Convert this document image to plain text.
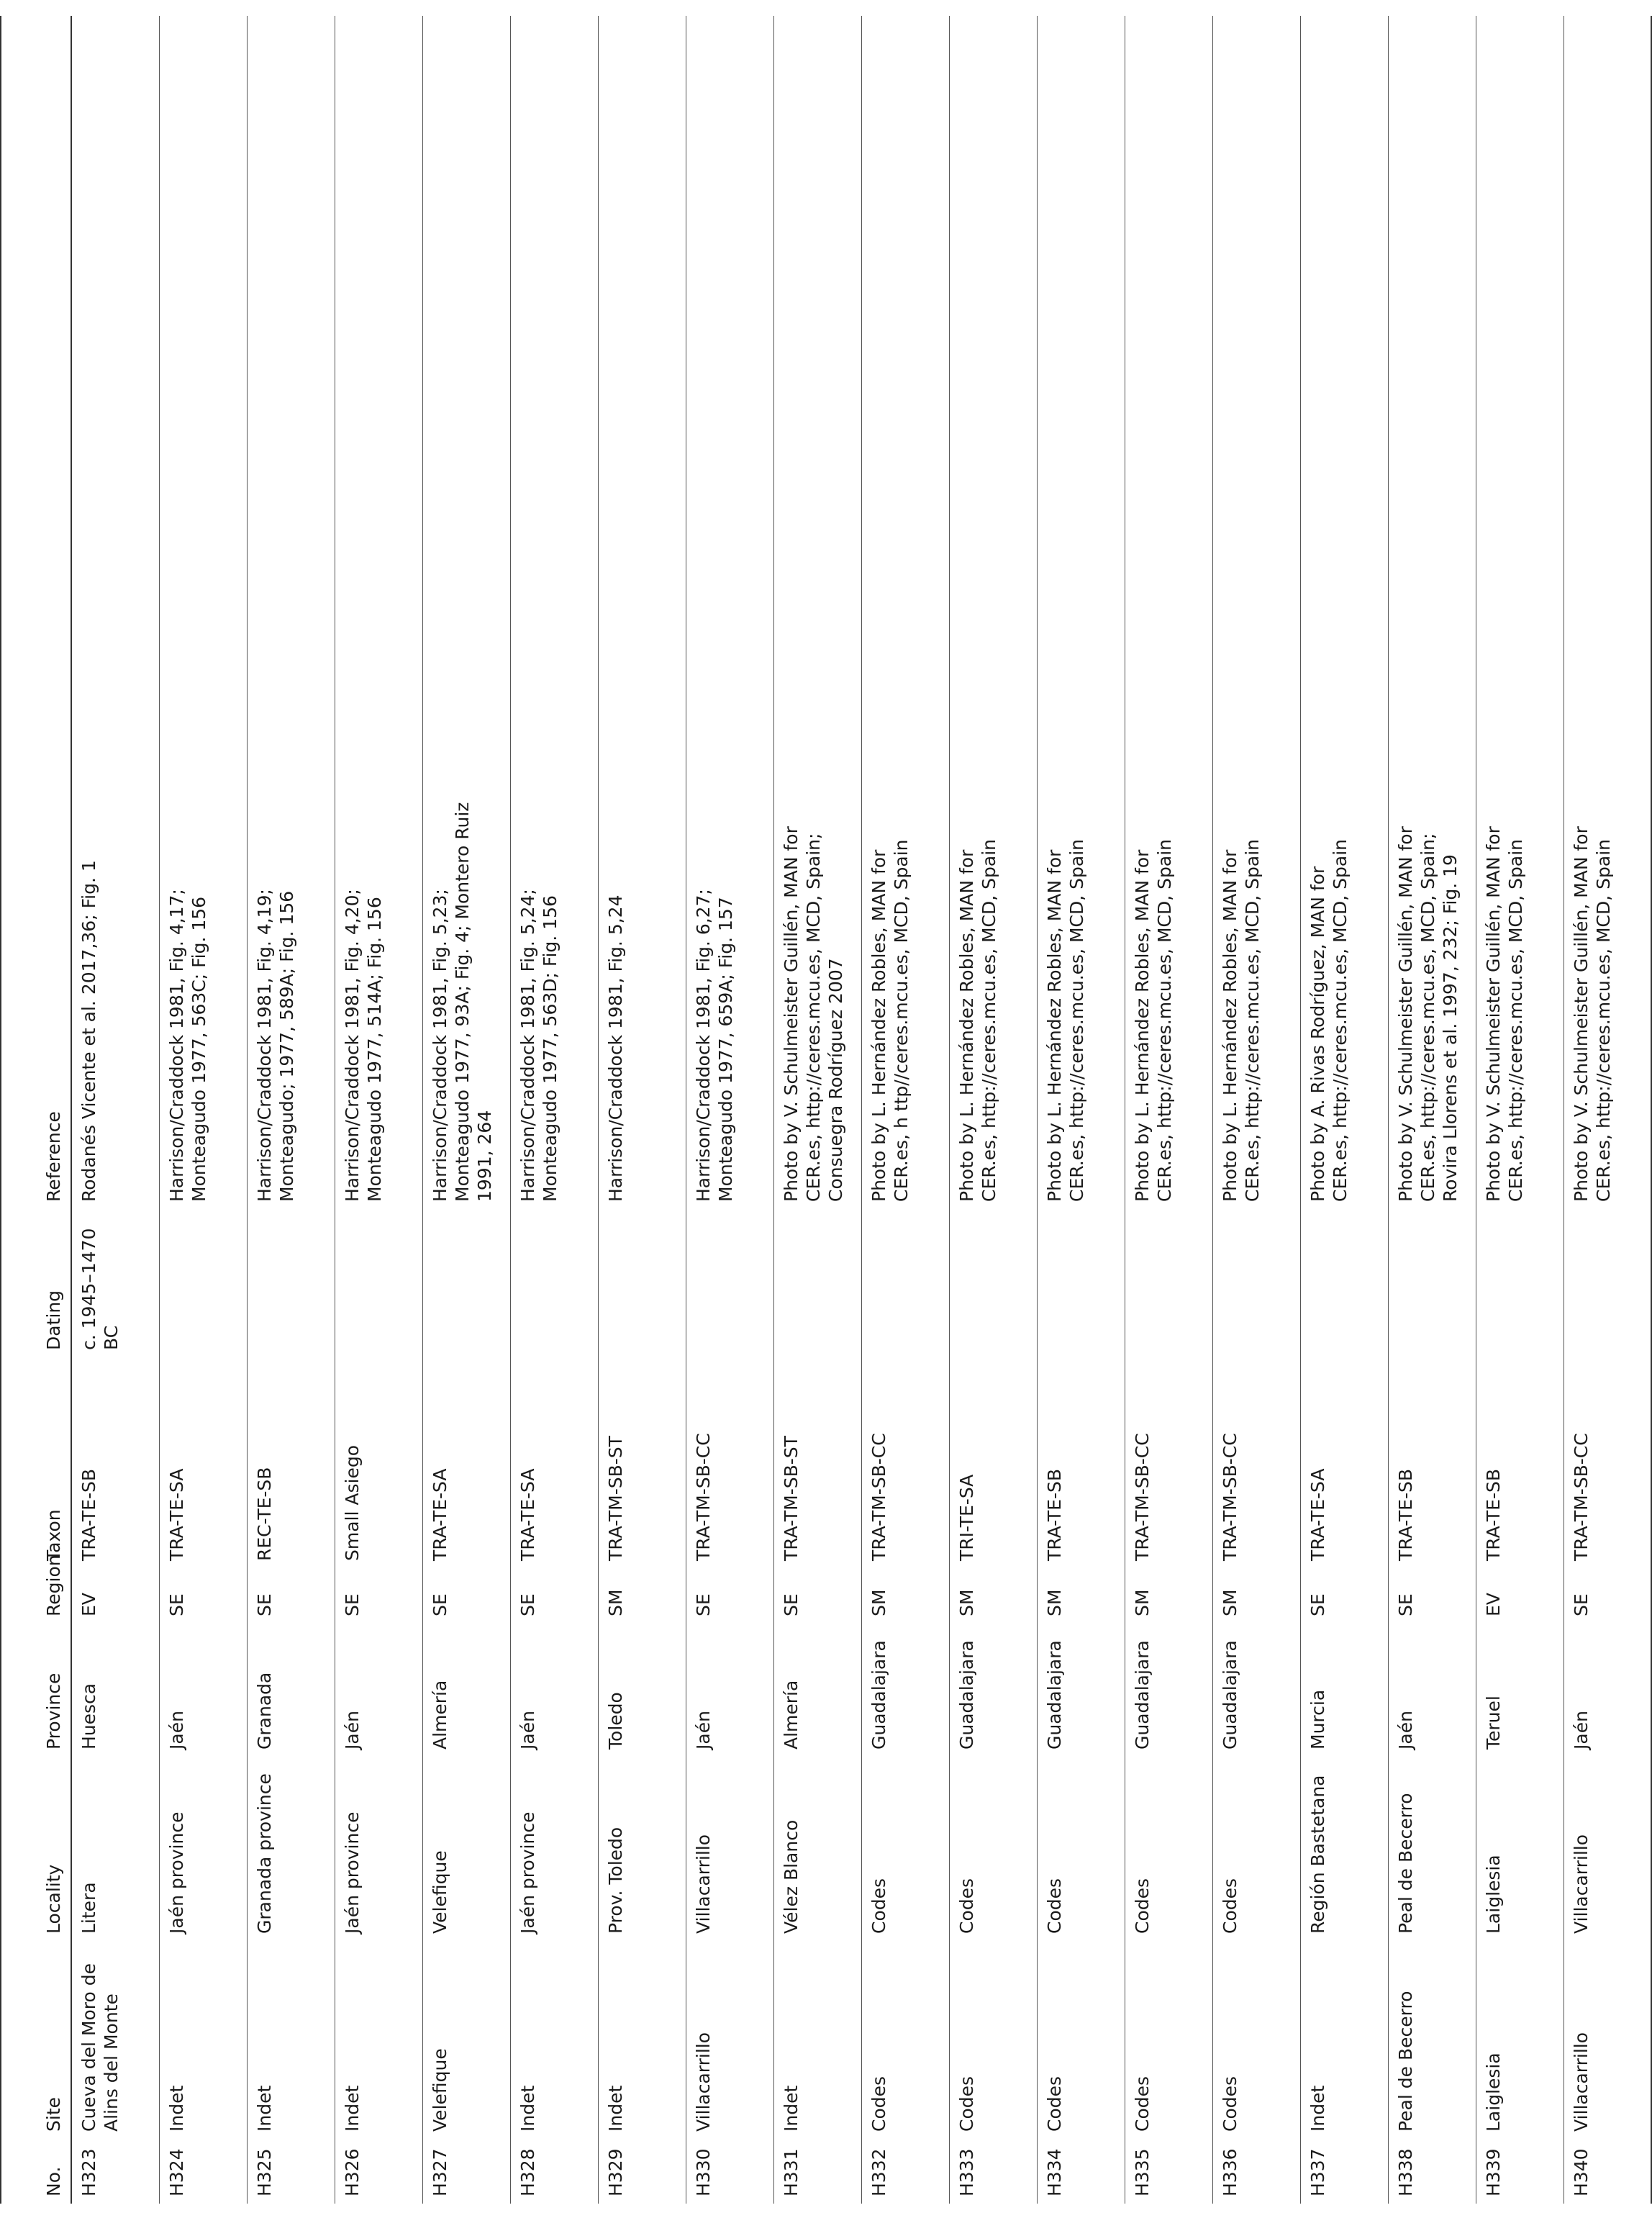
No.	Site	Locality	Province	Region	Taxon	Dating	Reference
H323	Cueva del Moro de Alins del Monte	Litera	Huesca	EV	TRA-TE-SB	c. 1945–1470 BC	Rodanés Vicente et al. 2017,36; Fig. 1

H324	Indet	Jaén province	Jaén	SE	TRA-TE-SA		Harrison/Craddock 1981, Fig. 4,17; Monteagudo 1977, 563C; Fig. 156

H325	Indet	Granada province	Granada	SE	REC-TE-SB		Harrison/Craddock 1981, Fig. 4,19; Monteagudo; 1977, 589A; Fig. 156

H326	Indet	Jaén province	Jaén	SE	Small Asiego		Harrison/Craddock 1981, Fig. 4,20; Monteagudo 1977, 514A; Fig. 156

H327	Velefique	Velefique	Almería	SE	TRA-TE-SA		Harrison/Craddock 1981, Fig. 5,23; Monteagudo 1977, 93A; Fig. 4; Montero Ruiz 1991, 264

H328	Indet	Jaén province	Jaén	SE	TRA-TE-SA		Harrison/Craddock 1981, Fig. 5,24; Monteagudo 1977, 563D; Fig. 156

H329	Indet	Prov. Toledo	Toledo	SM	TRA-TM-SB-ST		Harrison/Craddock 1981, Fig. 5,24

H330	Villacarrillo	Villacarrillo	Jaén	SE	TRA-TM-SB-CC		Harrison/Craddock 1981, Fig. 6,27; Monteagudo 1977, 659A; Fig. 157

H331	Indet	Vélez Blanco	Almería	SE	TRA-TM-SB-ST		Photo by V. Schulmeister Guillén, MAN for CER.es, http://ceres.mcu.es, MCD, Spain; Consuegra Rodríguez 2007

H332	Codes	Codes	Guadalajara	SM	TRA-TM-SB-CC		Photo by L. Hernández Robles, MAN for CER.es, h ttp//ceres.mcu.es, MCD, Spain

H333	Codes	Codes	Guadalajara	SM	TRI-TE-SA		Photo by L. Hernández Robles, MAN for CER.es, http://ceres.mcu.es, MCD, Spain

H334	Codes	Codes	Guadalajara	SM	TRA-TE-SB		Photo by L. Hernández Robles, MAN for CER.es, http://ceres.mcu.es, MCD, Spain

H335	Codes	Codes	Guadalajara	SM	TRA-TM-SB-CC		Photo by L. Hernández Robles, MAN for CER.es, http://ceres.mcu.es, MCD, Spain

H336	Codes	Codes	Guadalajara	SM	TRA-TM-SB-CC		Photo by L. Hernández Robles, MAN for CER.es, http://ceres.mcu.es, MCD, Spain

H337	Indet	Región Bastetana	Murcia	SE	TRA-TE-SA		Photo by A. Rivas Rodríguez, MAN for CER.es, http://ceres.mcu.es, MCD, Spain

H338	Peal de Becerro	Peal de Becerro	Jaén	SE	TRA-TE-SB		Photo by V. Schulmeister Guillén, MAN for CER.es, http://ceres.mcu.es, MCD, Spain; Rovira Llorens et al. 1997, 232; Fig. 19

H339	Laiglesia	Laiglesia	Teruel	EV	TRA-TE-SB		Photo by V. Schulmeister Guillén, MAN for CER.es, http://ceres.mcu.es, MCD, Spain

H340	Villacarrillo	Villacarrillo	Jaén	SE	TRA-TM-SB-CC		Photo by V. Schulmeister Guillén, MAN for CER.es, http://ceres.mcu.es, MCD, Spain
